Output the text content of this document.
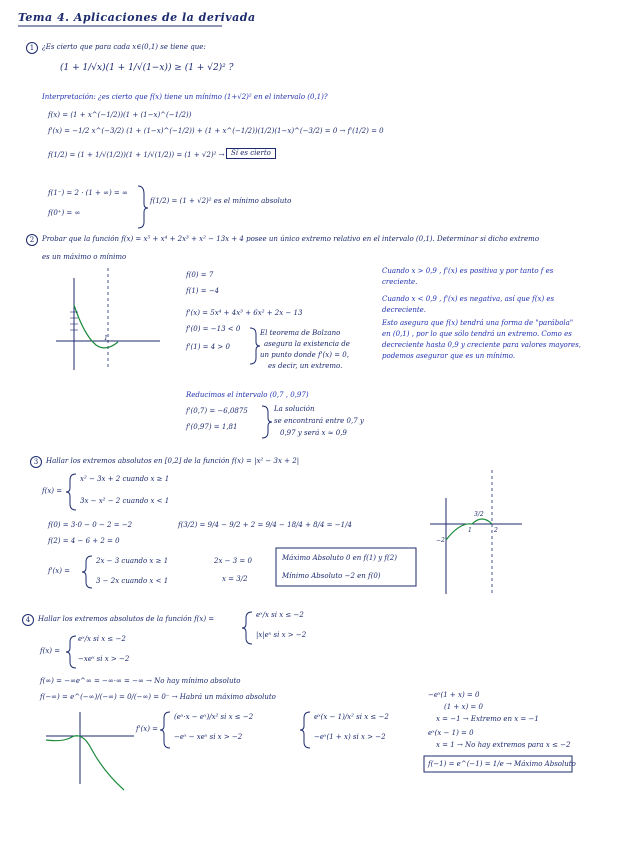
Tema 4. Aplicaciones de la derivada
1	¿Es cierto que para cada x∈(0,1) se tiene que:
(1 + 1/√x)(1 + 1/√(1−x)) ≥ (1 + √2)² ?
Interpretación: ¿es cierto que f(x) tiene un mínimo (1+√2)² en el intervalo (0,1)?
f(x) = (1 + x^(−1/2))(1 + (1−x)^(−1/2))
f'(x) = −1/2 x^(−3/2) (1 + (1−x)^(−1/2)) + (1 + x^(−1/2))(1/2)(1−x)^(−3/2) = 0 → f'(1/2) = 0
f(1/2) = (1 + 1/√(1/2))(1 + 1/√(1/2)) = (1 + √2)² → Sí es cierto
f(1⁻) = 2 · (1 + ∞) = ∞
f(0⁺) = ∞
f(1/2) = (1 + √2)² es el mínimo absoluto
2	Probar que la función f(x) = x⁵ + x⁴ + 2x³ + x² − 13x + 4 posee un único extremo relativo en el intervalo (0,1). Determinar si dicho extremo
es un máximo o mínimo
1
f(0) = 7
f(1) = −4
f'(x) = 5x⁴ + 4x³ + 6x² + 2x − 13
f'(0) = −13 < 0
f'(1) = 4 > 0
El teorema de Bolzano
asegura la existencia de
un punto donde f'(x) = 0,
es decir, un extremo.
Reducimos el intervalo (0,7 , 0,97)
f'(0,7) = −6,0875
f'(0,97) = 1,81
La solución
se encontrará entre 0,7 y
0,97 y será x ≈ 0,9
Cuando x > 0,9 , f'(x) es positiva y por tanto f es
creciente.
Cuando x < 0,9 , f'(x) es negativa, así que f(x) es
decreciente.
Esto asegura que f(x) tendrá una forma de "parábola"
en (0,1) , por lo que sólo tendrá un extremo. Como es
decreciente hasta 0,9 y creciente para valores mayores,
podemos asegurar que es un mínimo.
3	Hallar los extremos absolutos en [0,2] de la función f(x) = |x² − 3x + 2|
f(x) =
x² − 3x + 2 cuando x ≥ 1
3x − x² − 2 cuando x < 1
f(0) = 3·0 − 0 − 2 = −2	f(3/2) = 9/4 − 9/2 + 2 = 9/4 − 18/4 + 8/4 = −1/4
f(2) = 4 − 6 + 2 = 0
f'(x) =
2x − 3 cuando x ≥ 1
3 − 2x cuando x < 1
2x − 3 = 0
x = 3/2
Máximo Absoluto 0 en f(1) y f(2)
Mínimo Absoluto −2 en f(0)
3/2
1	2
−2
4	Hallar los extremos absolutos de la función f(x) =	eˣ/x si x ≤ −2
|x|eˣ si x > −2
f(x) =
eˣ/x si x ≤ −2
−xeˣ si x > −2
f(∞) = −∞e^∞ = −∞·∞ = −∞ → No hay mínimo absoluto
f(−∞) = e^(−∞)/(−∞) = 0/(−∞) = 0⁻ → Habrá un máximo absoluto
f'(x) =
(eˣ·x − eˣ)/x² si x ≤ −2
−eˣ − xeˣ si x > −2
eˣ(x − 1)/x² si x ≤ −2
−eˣ(1 + x) si x > −2
−eˣ(1 + x) = 0
(1 + x) = 0
x = −1 → Extremo en x = −1
eˣ(x − 1) = 0
x = 1 → No hay extremos para x ≤ −2
f(−1) = e^(−1) = 1/e → Máximo Absoluto
